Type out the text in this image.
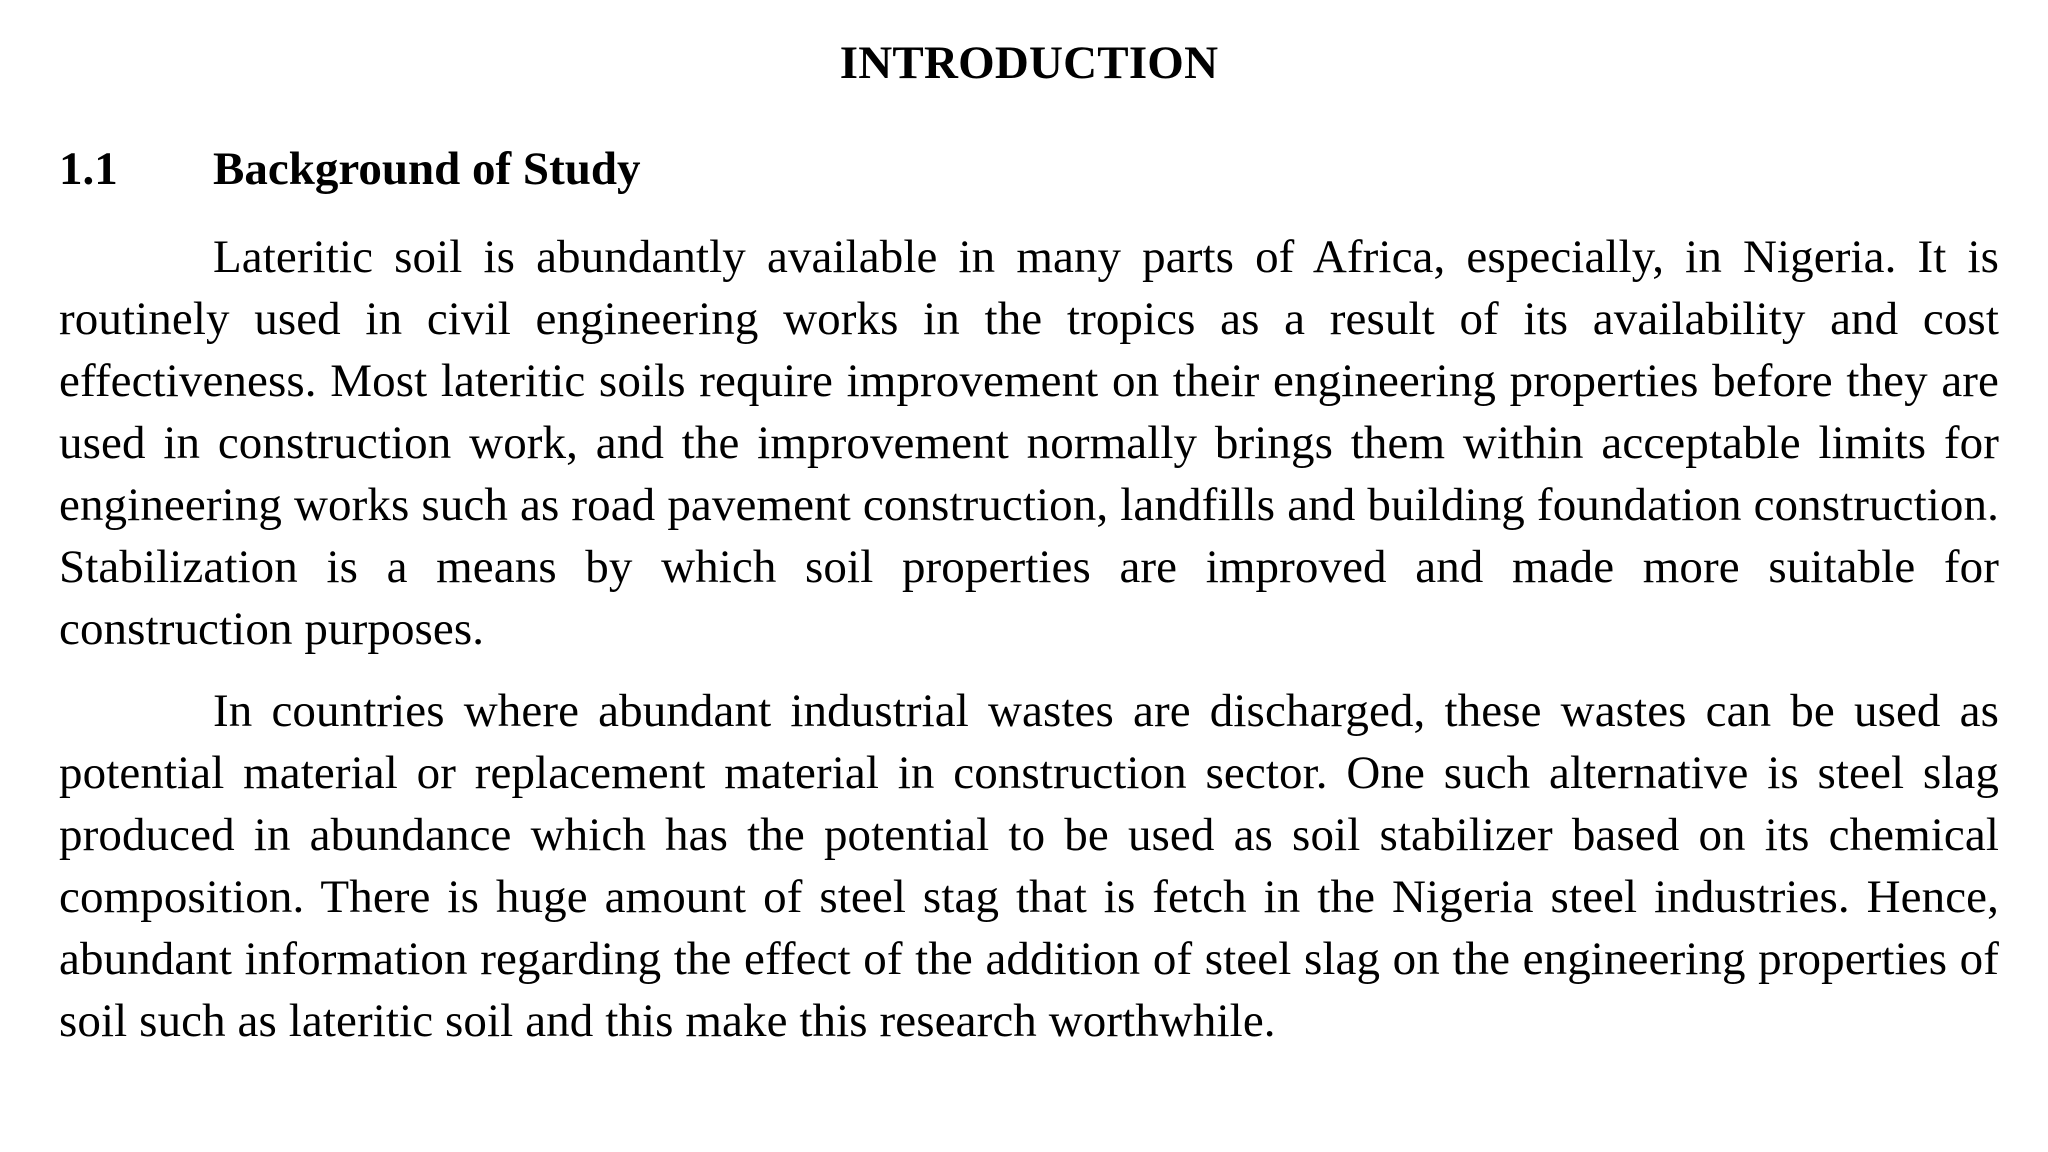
INTRODUCTION
1.1	Background of Study

Lateritic soil is abundantly available in many parts of Africa, especially, in Nigeria. It is routinely used in civil engineering works in the tropics as a result of its availability and cost effectiveness. Most lateritic soils require improvement on their engineering properties before they are used in construction work, and the improvement normally brings them within acceptable limits for engineering works such as road pavement construction, landfills and building foundation construction. Stabilization is a means by which soil properties are improved and made more suitable for construction purposes.

In countries where abundant industrial wastes are discharged, these wastes can be used as potential material or replacement material in construction sector. One such alternative is steel slag produced in abundance which has the potential to be used as soil stabilizer based on its chemical composition. There is huge amount of steel stag that is fetch in the Nigeria steel industries. Hence, abundant information regarding the effect of the addition of steel slag on the engineering properties of soil such as lateritic soil and this make this research worthwhile.
